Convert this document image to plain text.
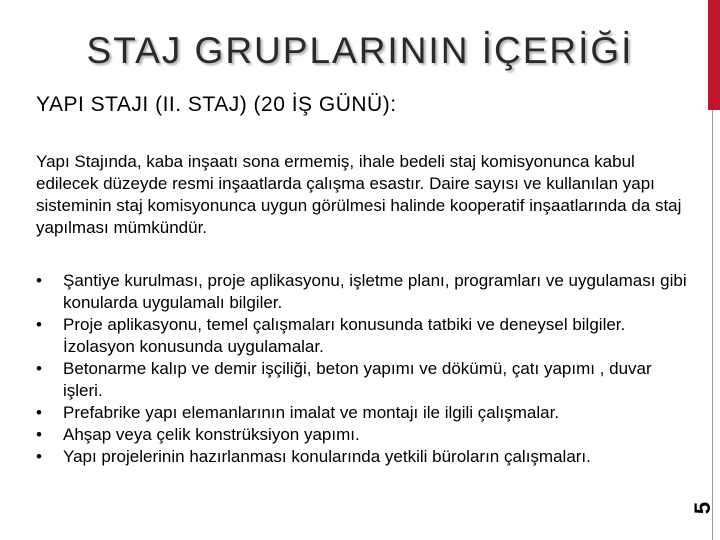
STAJ GRUPLARININ İÇERİĞİ
YAPI STAJI (II. STAJ) (20 İŞ GÜNÜ):
Yapı Stajında, kaba inşaatı sona ermemiş, ihale bedeli staj komisyonunca kabul edilecek düzeyde resmi inşaatlarda çalışma esastır. Daire sayısı ve kullanılan yapı sisteminin staj komisyonunca uygun görülmesi halinde kooperatif inşaatlarında da staj yapılması mümkündür.
• Şantiye kurulması, proje aplikasyonu, işletme planı, programları ve uygulaması gibi konularda uygulamalı bilgiler.
• Proje aplikasyonu, temel çalışmaları konusunda tatbiki ve deneysel bilgiler. İzolasyon konusunda uygulamalar.
• Betonarme kalıp ve demir işçiliği, beton yapımı ve dökümü, çatı yapımı , duvar işleri.
• Prefabrike yapı elemanlarının imalat ve montajı ile ilgili çalışmalar.
• Ahşap veya çelik konstrüksiyon yapımı.
• Yapı projelerinin hazırlanması konularında yetkili büroların çalışmaları.
5
